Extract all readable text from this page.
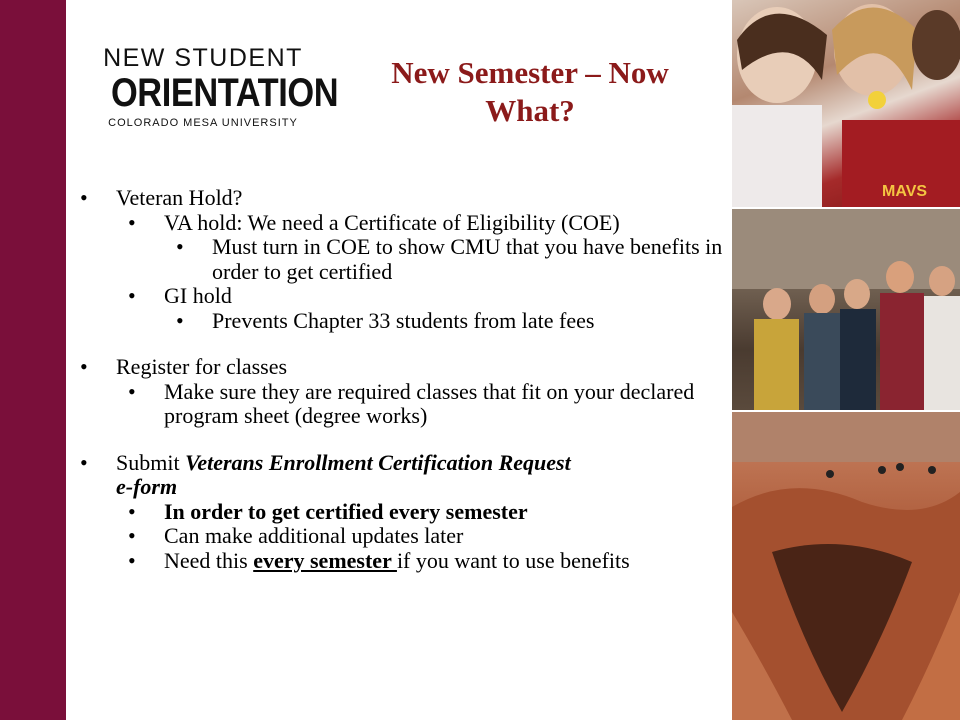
NEW STUDENT
ORIENTATION
COLORADO MESA UNIVERSITY
New Semester – Now What?
• Veteran Hold?
• VA hold: We need a Certificate of Eligibility (COE)
• Must turn in COE to show CMU that you have benefits in order to get certified
• GI hold
• Prevents Chapter 33 students from late fees
• Register for classes
• Make sure they are required classes that fit on your declared program sheet (degree works)
• Submit Veterans Enrollment Certification Request
e-form
• In order to get certified every semester
• Can make additional updates later
• Need this every semester if you want to use benefits
MAVS
